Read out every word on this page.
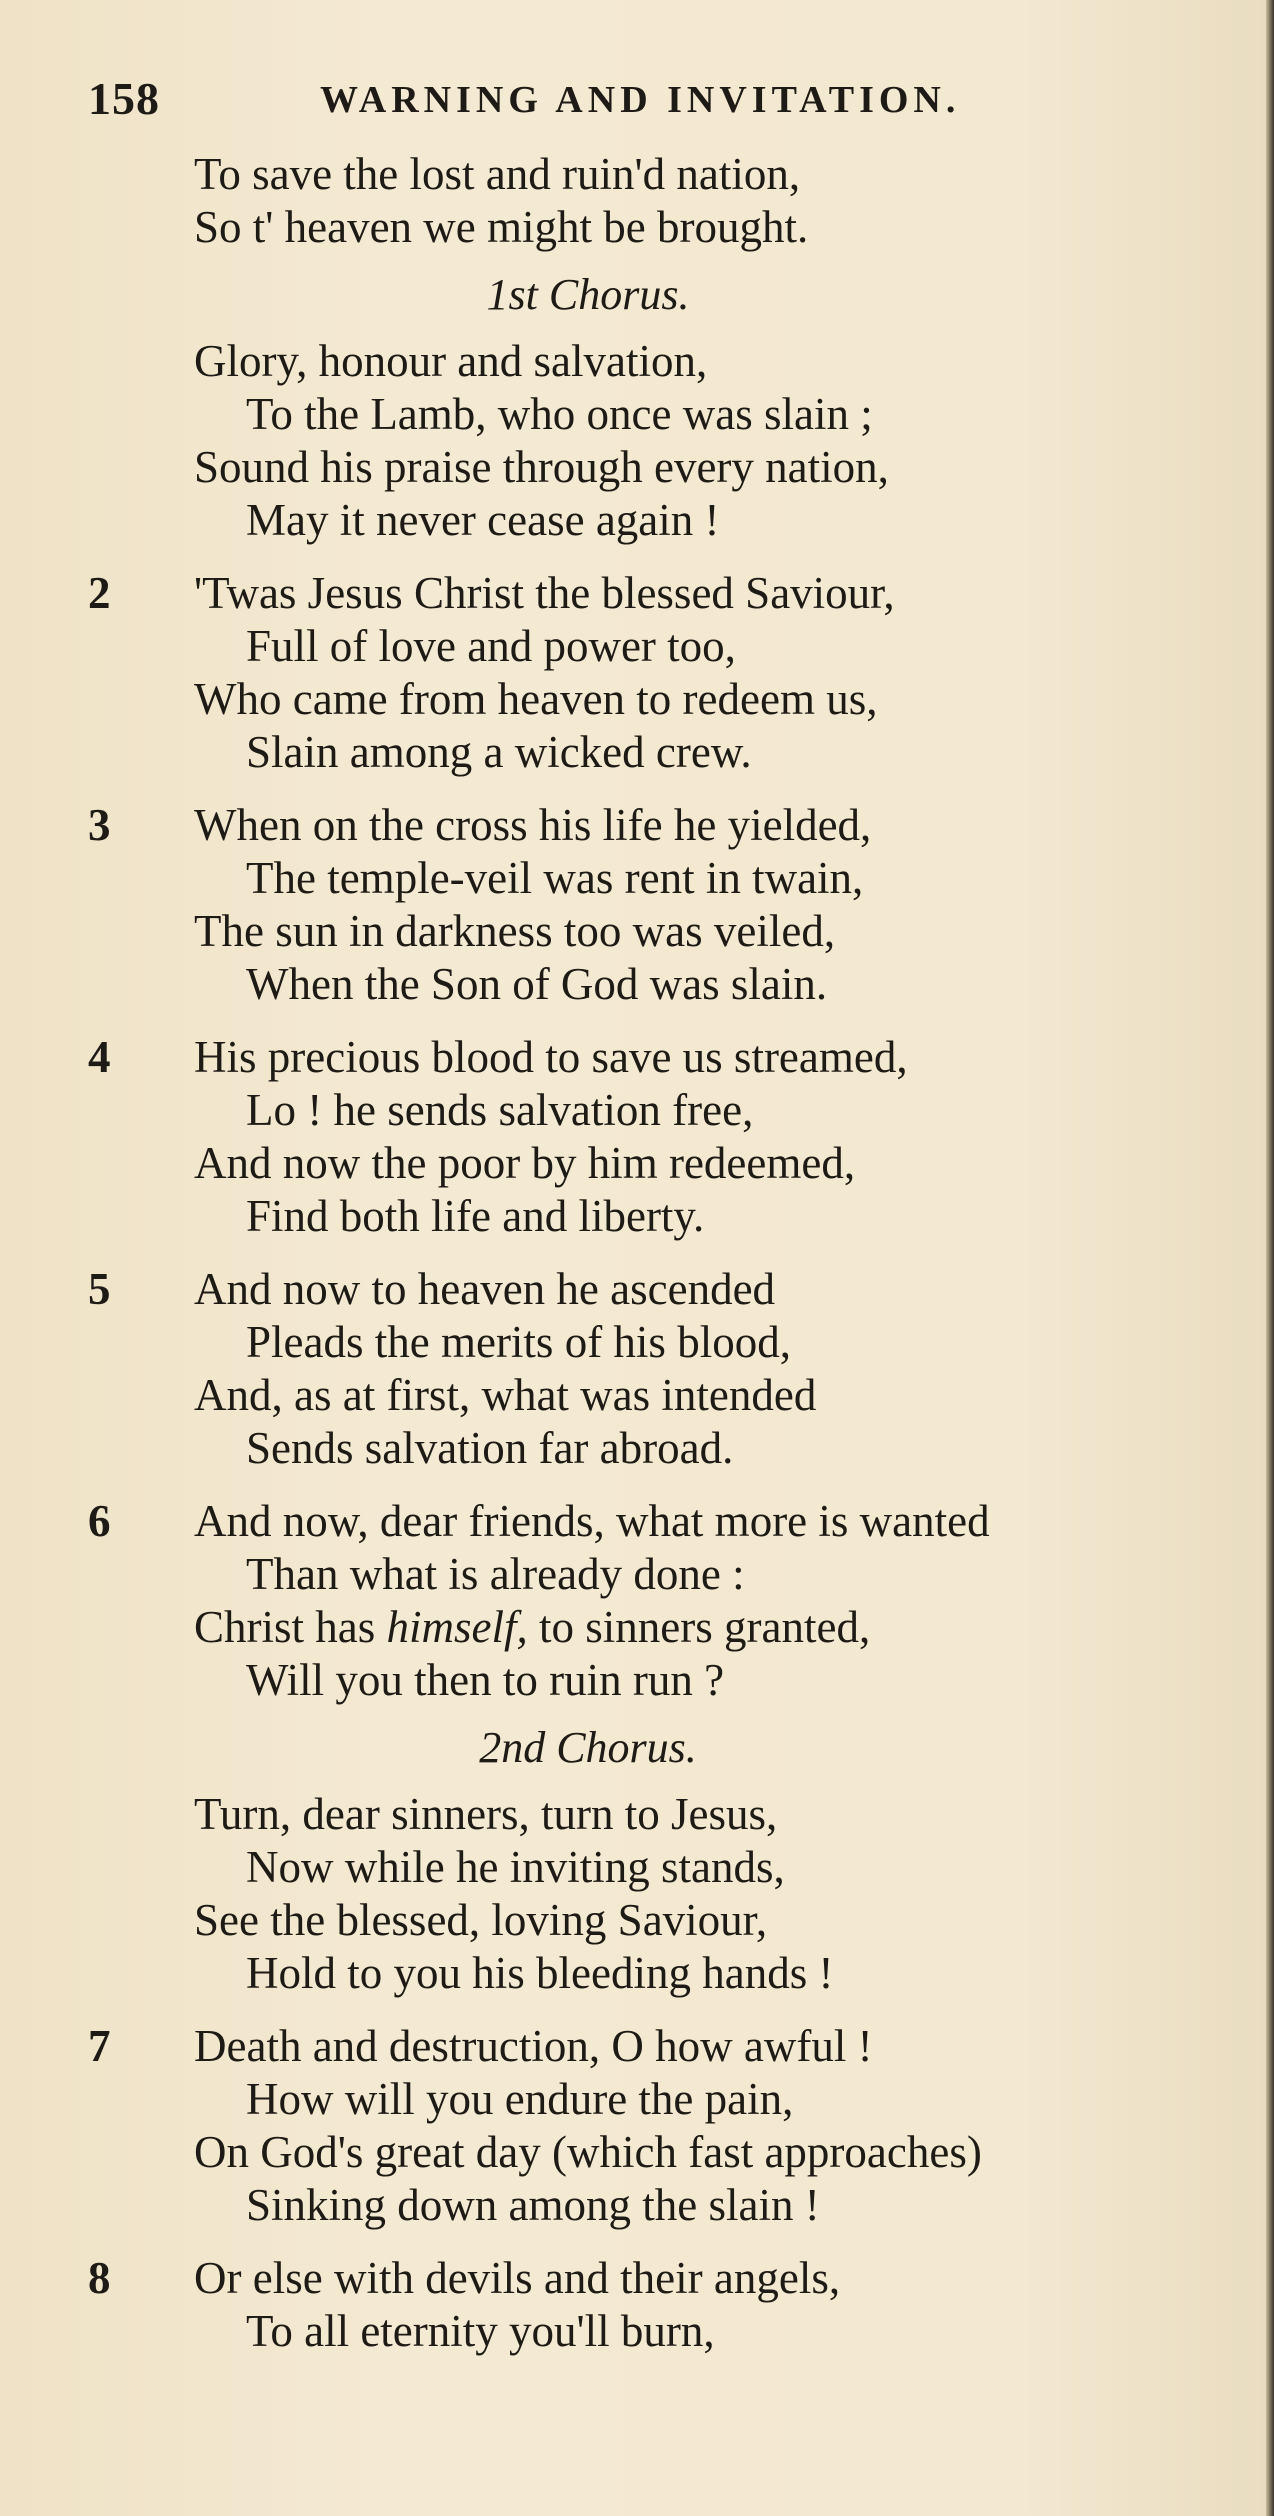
158	WARNING AND INVITATION.
To save the lost and ruin'd nation,
So t' heaven we might be brought.
1st Chorus.
Glory, honour and salvation,
To the Lamb, who once was slain ;
Sound his praise through every nation,
May it never cease again !
2 'Twas Jesus Christ the blessed Saviour,
Full of love and power too,
Who came from heaven to redeem us,
Slain among a wicked crew.
3 When on the cross his life he yielded,
The temple-veil was rent in twain,
The sun in darkness too was veiled,
When the Son of God was slain.
4 His precious blood to save us streamed,
Lo ! he sends salvation free,
And now the poor by him redeemed,
Find both life and liberty.
5 And now to heaven he ascended
Pleads the merits of his blood,
And, as at first, what was intended
Sends salvation far abroad.
6 And now, dear friends, what more is wanted
Than what is already done :
Christ has himself, to sinners granted,
Will you then to ruin run ?
2nd Chorus.
Turn, dear sinners, turn to Jesus,
Now while he inviting stands,
See the blessed, loving Saviour,
Hold to you his bleeding hands !
7 Death and destruction, O how awful !
How will you endure the pain,
On God's great day (which fast approaches)
Sinking down among the slain !
8 Or else with devils and their angels,
To all eternity you'll burn,
